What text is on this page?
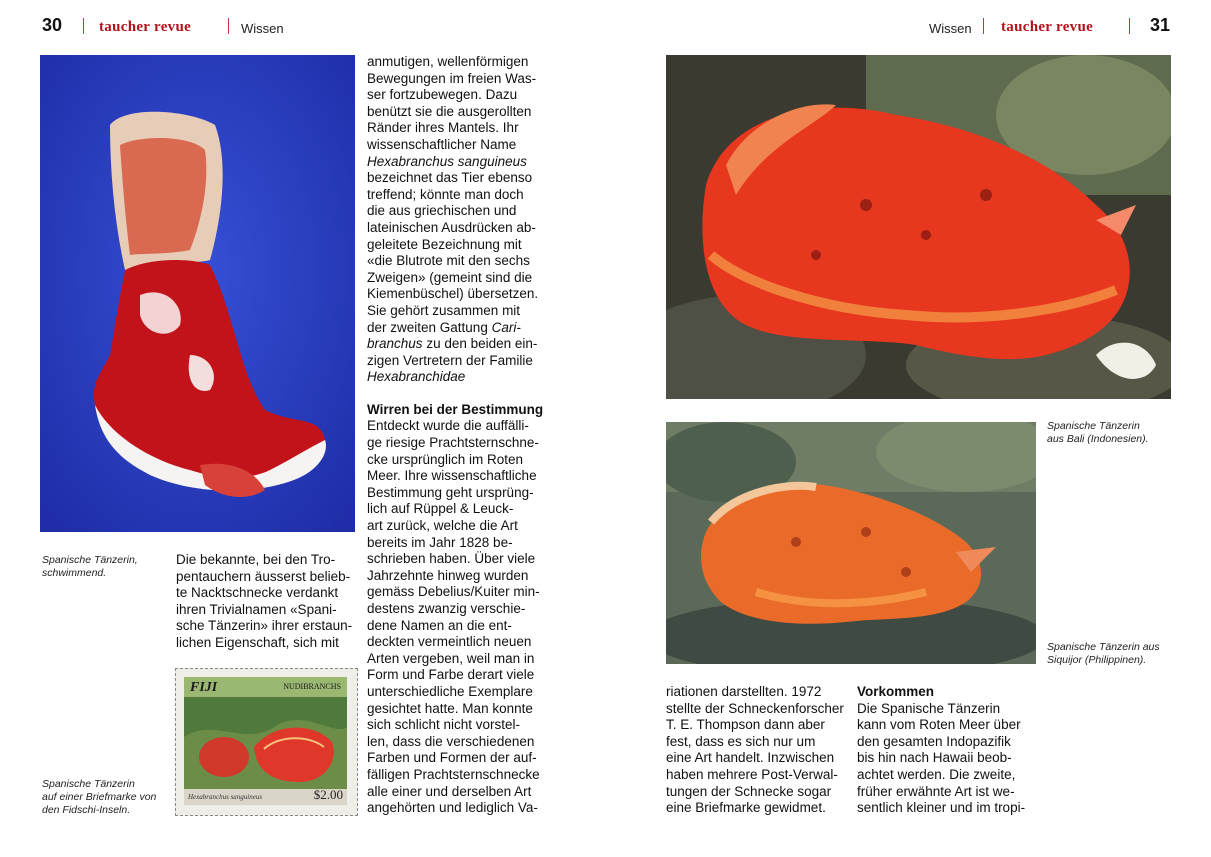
30 taucher revue	Wissen	Wissen taucher revue	31
Spanische Tänzerin,
schwimmend.
FIJI	NUDIBRANCHS
Hexabranchus sanguineus	$2.00
Spanische Tänzerin
auf einer Briefmarke von
den Fidschi-Inseln.
Die bekannte, bei den Tro-
pentauchern äusserst belieb-
te Nacktschnecke verdankt
ihren Trivialnamen «Spani-
sche Tänzerin» ihrer erstaun-
lichen Eigenschaft, sich mit
anmutigen, wellenförmigen
Bewegungen im freien Was-
ser fortzubewegen. Dazu
benützt sie die ausgerollten
Ränder ihres Mantels. Ihr
wissenschaftlicher Name
Hexabranchus sanguineus
bezeichnet das Tier ebenso
treffend; könnte man doch
die aus griechischen und
lateinischen Ausdrücken ab-
geleitete Bezeichnung mit
«die Blutrote mit den sechs
Zweigen» (gemeint sind die
Kiemenbüschel) übersetzen.
Sie gehört zusammen mit
der zweiten Gattung Cari-
branchus zu den beiden ein-
zigen Vertretern der Familie
Hexabranchidae
Wirren bei der Bestimmung
Entdeckt wurde die auffälli-
ge riesige Prachtsternschne-
cke ursprünglich im Roten
Meer. Ihre wissenschaftliche
Bestimmung geht ursprüng-
lich auf Rüppel & Leuck-
art zurück, welche die Art
bereits im Jahr 1828 be-
schrieben haben. Über viele
Jahrzehnte hinweg wurden
gemäss Debelius/Kuiter min-
destens zwanzig verschie-
dene Namen an die ent-
deckten vermeintlich neuen
Arten vergeben, weil man in
Form und Farbe derart viele
unterschiedliche Exemplare
gesichtet hatte. Man konnte
sich schlicht nicht vorstel-
len, dass die verschiedenen
Farben und Formen der auf-
fälligen Prachtsternschnecke
alle einer und derselben Art
angehörten und lediglich Va-
Spanische Tänzerin
aus Bali (Indonesien).
Spanische Tänzerin aus
Siquijor (Philippinen).
riationen darstellten. 1972
stellte der Schneckenforscher
T. E. Thompson dann aber
fest, dass es sich nur um
eine Art handelt. Inzwischen
haben mehrere Post-Verwal-
tungen der Schnecke sogar
eine Briefmarke gewidmet.
Vorkommen
Die Spanische Tänzerin
kann vom Roten Meer über
den gesamten Indopazifik
bis hin nach Hawaii beob-
achtet werden. Die zweite,
früher erwähnte Art ist we-
sentlich kleiner und im tropi-
